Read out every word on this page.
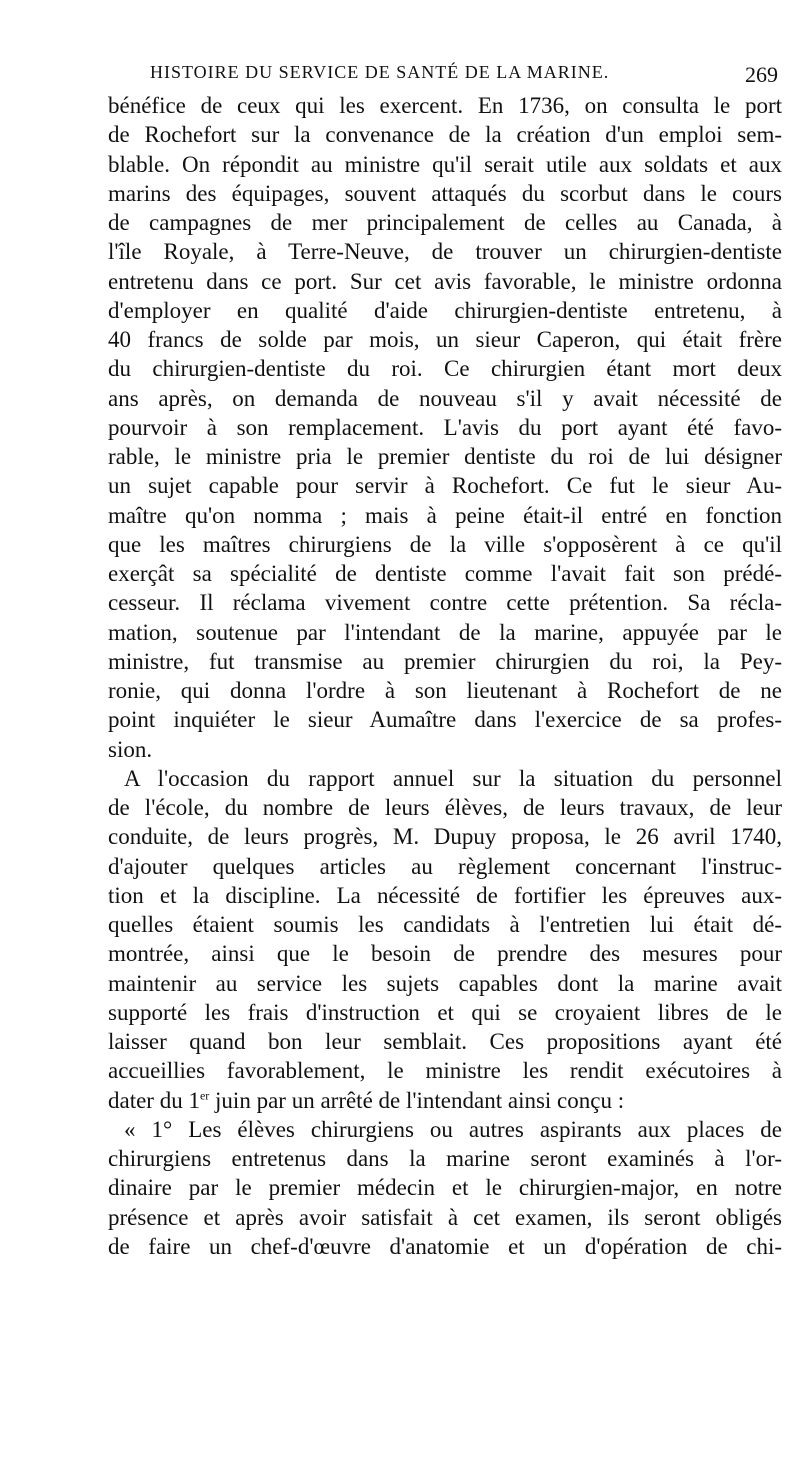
HISTOIRE DU SERVICE DE SANTÉ DE LA MARINE.	269
bénéfice de ceux qui les exercent. En 1736, on consulta le port
de Rochefort sur la convenance de la création d'un emploi sem-
blable. On répondit au ministre qu'il serait utile aux soldats et aux
marins des équipages, souvent attaqués du scorbut dans le cours
de campagnes de mer principalement de celles au Canada, à
l'île Royale, à Terre-Neuve, de trouver un chirurgien-dentiste
entretenu dans ce port. Sur cet avis favorable, le ministre ordonna
d'employer en qualité d'aide chirurgien-dentiste entretenu, à
40 francs de solde par mois, un sieur Caperon, qui était frère
du chirurgien-dentiste du roi. Ce chirurgien étant mort deux
ans après, on demanda de nouveau s'il y avait nécessité de
pourvoir à son remplacement. L'avis du port ayant été favo-
rable, le ministre pria le premier dentiste du roi de lui désigner
un sujet capable pour servir à Rochefort. Ce fut le sieur Au-
maître qu'on nomma ; mais à peine était-il entré en fonction
que les maîtres chirurgiens de la ville s'opposèrent à ce qu'il
exerçât sa spécialité de dentiste comme l'avait fait son prédé-
cesseur. Il réclama vivement contre cette prétention. Sa récla-
mation, soutenue par l'intendant de la marine, appuyée par le
ministre, fut transmise au premier chirurgien du roi, la Pey-
ronie, qui donna l'ordre à son lieutenant à Rochefort de ne
point inquiéter le sieur Aumaître dans l'exercice de sa profes-
sion.
A l'occasion du rapport annuel sur la situation du personnel
de l'école, du nombre de leurs élèves, de leurs travaux, de leur
conduite, de leurs progrès, M. Dupuy proposa, le 26 avril 1740,
d'ajouter quelques articles au règlement concernant l'instruc-
tion et la discipline. La nécessité de fortifier les épreuves aux-
quelles étaient soumis les candidats à l'entretien lui était dé-
montrée, ainsi que le besoin de prendre des mesures pour
maintenir au service les sujets capables dont la marine avait
supporté les frais d'instruction et qui se croyaient libres de le
laisser quand bon leur semblait. Ces propositions ayant été
accueillies favorablement, le ministre les rendit exécutoires à
dater du 1er juin par un arrêté de l'intendant ainsi conçu :
« 1° Les élèves chirurgiens ou autres aspirants aux places de
chirurgiens entretenus dans la marine seront examinés à l'or-
dinaire par le premier médecin et le chirurgien-major, en notre
présence et après avoir satisfait à cet examen, ils seront obligés
de faire un chef-d'œuvre d'anatomie et un d'opération de chi-
